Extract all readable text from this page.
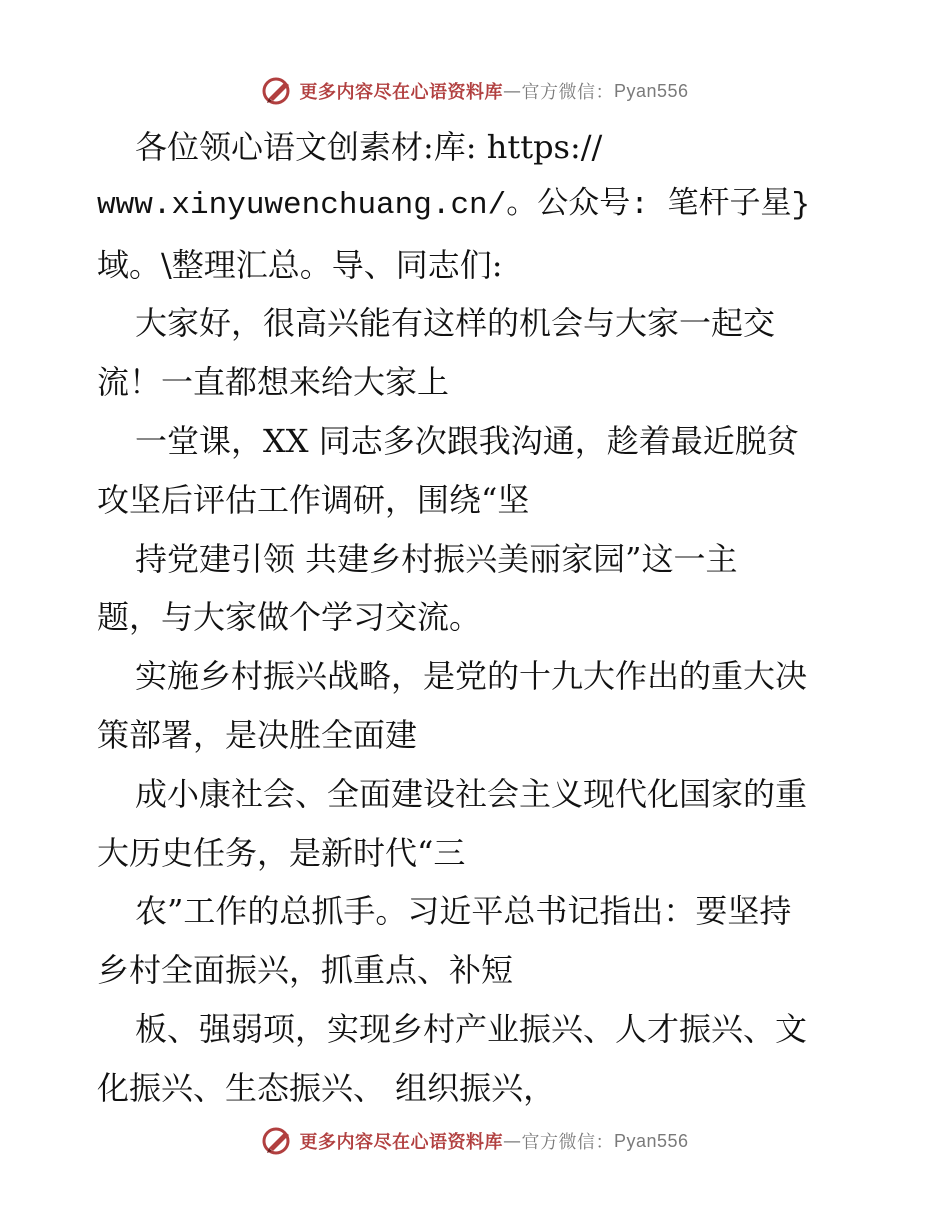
更多内容尽在心语资料库 — 官方微信： Pyan556
各位领心语文创素材:库: https://
www.xinyuwenchuang.cn/。公众号: 笔杆子星}
域。\整理汇总。导、同志们:
大家好，很高兴能有这样的机会与大家一起交
流！一直都想来给大家上
一堂课，XX 同志多次跟我沟通，趁着最近脱贫
攻坚后评估工作调研，围绕“坚
持党建引领 共建乡村振兴美丽家园”这一主
题，与大家做个学习交流。
实施乡村振兴战略，是党的十九大作出的重大决
策部署，是决胜全面建
成小康社会、全面建设社会主义现代化国家的重
大历史任务，是新时代“三
农”工作的总抓手。习近平总书记指出：要坚持
乡村全面振兴，抓重点、补短
板、强弱项，实现乡村产业振兴、人才振兴、文
化振兴、生态振兴、 组织振兴，
更多内容尽在心语资料库 — 官方微信： Pyan556
